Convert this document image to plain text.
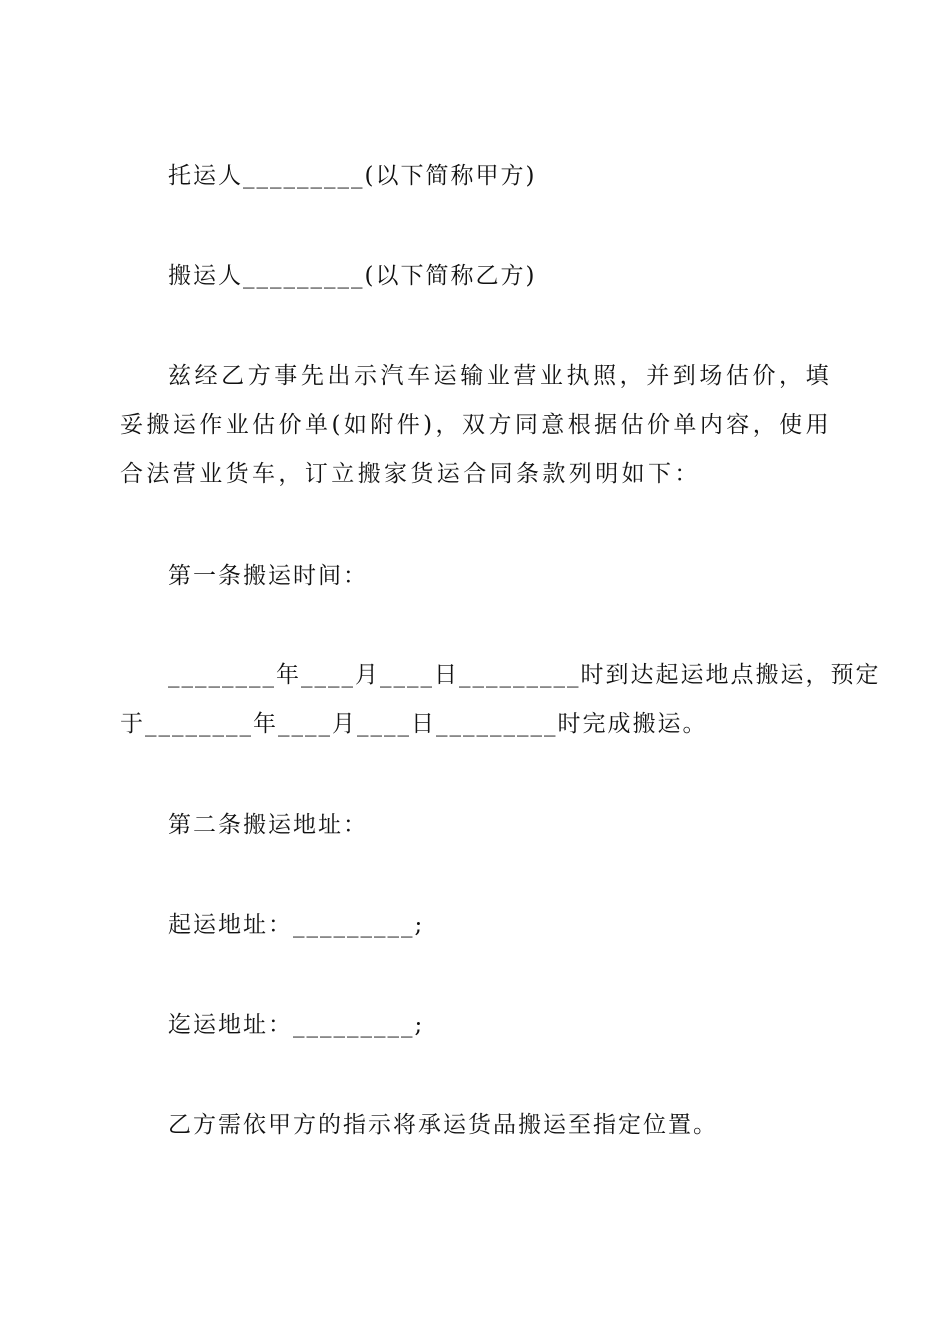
托运人_________(以下简称甲方)
搬运人_________(以下简称乙方)
兹经乙方事先出示汽车运输业营业执照，并到场估价，填妥搬运作业估价单(如附件)，双方同意根据估价单内容，使用合法营业货车，订立搬家货运合同条款列明如下：
第一条搬运时间：
________年____月____日_________时到达起运地点搬运，预定
于________年____月____日_________时完成搬运。
第二条搬运地址：
起运地址：_________;
迄运地址：_________;
乙方需依甲方的指示将承运货品搬运至指定位置。
